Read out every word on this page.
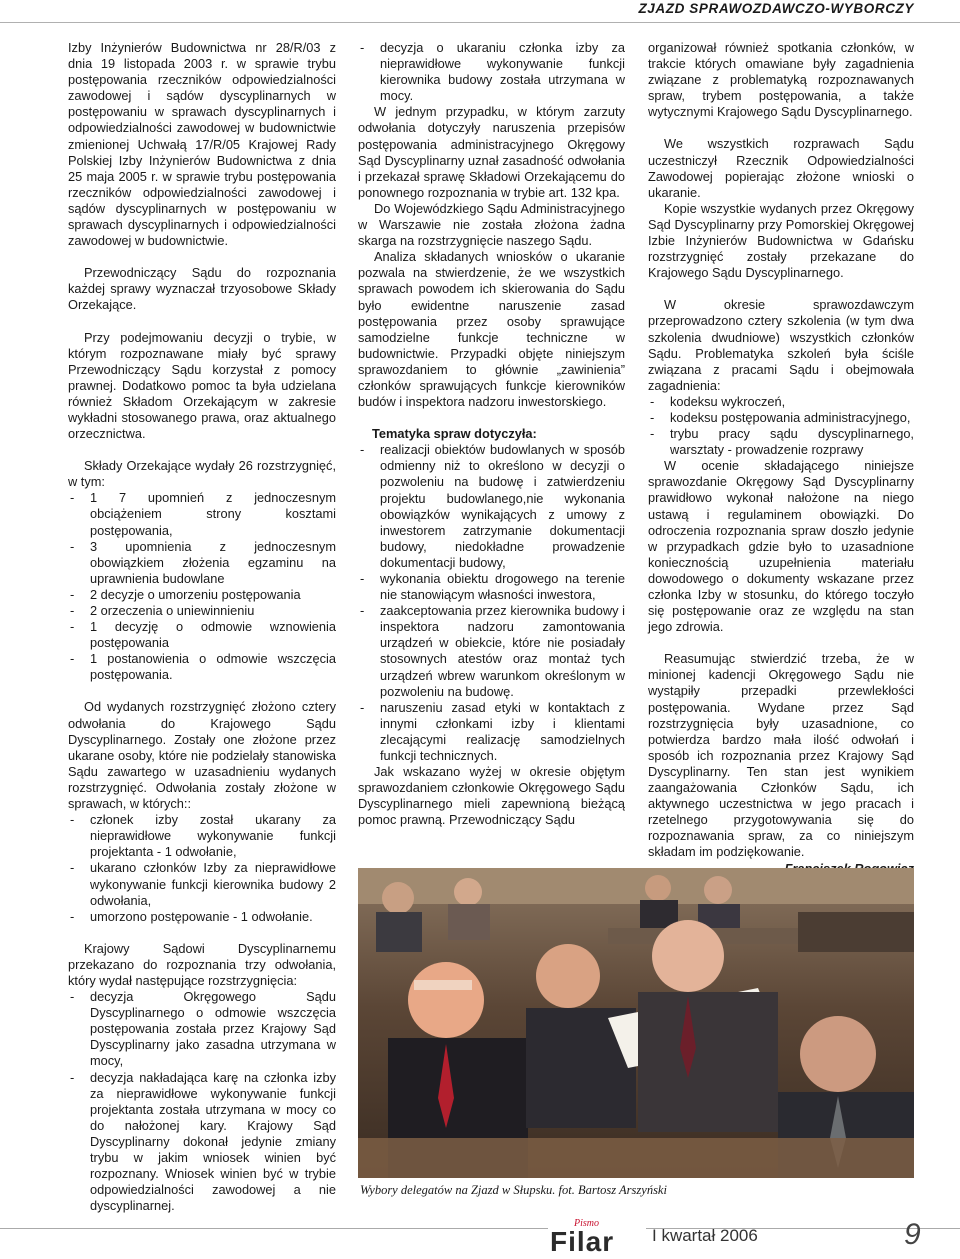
ZJAZD SPRAWOZDAWCZO-WYBORCZY

Izby Inżynierów Budownictwa nr 28/R/03 z dnia 19 listopada 2003 r. w sprawie trybu postępowania rzeczników odpowiedzialności zawodowej i sądów dyscyplinarnych w postępowaniu w sprawach dyscyplinarnych i odpowiedzialności zawodowej w budownictwie zmienionej Uchwałą 17/R/05 Krajowej Rady Polskiej Izby Inżynierów Budownictwa z dnia 25 maja 2005 r. w sprawie trybu postępowania rzeczników odpowiedzialności zawodowej i sądów dyscyplinarnych w postępowaniu w sprawach dyscyplinarnych i odpowiedzialności zawodowej w budownictwie.

Przewodniczący Sądu do rozpoznania każdej sprawy wyznaczał trzyosobowe Składy Orzekające.

Przy podejmowaniu decyzji o trybie, w którym rozpoznawane miały być sprawy Przewodniczący Sądu korzystał z pomocy prawnej. Dodatkowo pomoc ta była udzielana również Składom Orzekającym w zakresie wykładni stosowanego prawa, oraz aktualnego orzecznictwa.

Składy Orzekające wydały 26 rozstrzygnięć, w tym:

- 1 7 upomnień z jednoczesnym obciążeniem strony kosztami postępowania,
- 3 upomnienia z jednoczesnym obowiązkiem złożenia egzaminu na uprawnienia budowlane
- 2 decyzje o umorzeniu postępowania
- 2 orzeczenia o uniewinnieniu
- 1 decyzję o odmowie wznowienia postępowania
- 1 postanowienia o odmowie wszczęcia postępowania.

Od wydanych rozstrzygnięć złożono cztery odwołania do Krajowego Sądu Dyscyplinarnego. Zostały one złożone przez ukarane osoby, które nie podzielały stanowiska Sądu zawartego w uzasadnieniu wydanych rozstrzygnięć. Odwołania zostały złożone w sprawach, w których::

- członek izby został ukarany za nieprawidłowe wykonywanie funkcji projektanta - 1 odwołanie,
- ukarano członków Izby za nieprawidłowe wykonywanie funkcji kierownika budowy 2 odwołania,
- umorzono postępowanie - 1 odwołanie.

Krajowy Sądowi Dyscyplinarnemu przekazano do rozpoznania trzy odwołania, który wydał następujące rozstrzygnięcia:

- decyzja Okręgowego Sądu Dyscyplinarnego o odmowie wszczęcia postępowania została przez Krajowy Sąd Dyscyplinarny jako zasadna utrzymana w mocy,
- decyzja nakładająca karę na członka izby za nieprawidłowe wykonywanie funkcji projektanta została utrzymana w mocy co do nałożonej kary. Krajowy Sąd Dyscyplinarny dokonał jedynie zmiany trybu w jakim wniosek winien być rozpoznany. Wniosek winien być w trybie odpowiedzialności zawodowej a nie dyscyplinarnej.
- decyzja o ukaraniu członka izby za nieprawidłowe wykonywanie funkcji kierownika budowy została utrzymana w mocy.

W jednym przypadku, w którym zarzuty odwołania dotyczyły naruszenia przepisów postępowania administracyjnego Okręgowy Sąd Dyscyplinarny uznał zasadność odwołania i przekazał sprawę Składowi Orzekającemu do ponownego rozpoznania w trybie art. 132 kpa.

Do Wojewódzkiego Sądu Administracyjnego w Warszawie nie została złożona żadna skarga na rozstrzygnięcie naszego Sądu.

Analiza składanych wniosków o ukaranie pozwala na stwierdzenie, że we wszystkich sprawach powodem ich skierowania do Sądu było ewidentne naruszenie zasad postępowania przez osoby sprawujące samodzielne funkcje techniczne w budownictwie. Przypadki objęte niniejszym sprawozdaniem to głównie „zawinienia” członków sprawujących funkcje kierowników budów i inspektora nadzoru inwestorskiego.

Tematyka spraw dotyczyła:

- realizacji obiektów budowlanych w sposób odmienny niż to określono w decyzji o pozwoleniu na budowę i zatwierdzeniu projektu budowlanego,nie wykonania obowiązków wynikających z umowy z inwestorem zatrzymanie dokumentacji budowy, niedokładne prowadzenie dokumentacji budowy,
- wykonania obiektu drogowego na terenie nie stanowiącym własności inwestora,
- zaakceptowania przez kierownika budowy i inspektora nadzoru zamontowania urządzeń w obiekcie, które nie posiadały stosownych atestów oraz montaż tych urządzeń wbrew warunkom określonym w pozwoleniu na budowę.
- naruszeniu zasad etyki w kontaktach z innymi członkami izby i klientami zlecającymi realizację samodzielnych funkcji technicznych.

Jak wskazano wyżej w okresie objętym sprawozdaniem członkowie Okręgowego Sądu Dyscyplinarnego mieli zapewnioną bieżącą pomoc prawną. Przewodniczący Sądu

organizował również spotkania członków, w trakcie których omawiane były zagadnienia związane z problematyką rozpoznawanych spraw, trybem postępowania, a także wytycznymi Krajowego Sądu Dyscyplinarnego.

We wszystkich rozprawach Sądu uczestniczył Rzecznik Odpowiedzialności Zawodowej popierając złożone wnioski o ukaranie.

Kopie wszystkie wydanych przez Okręgowy Sąd Dyscyplinarny przy Pomorskiej Okręgowej Izbie Inżynierów Budownictwa w Gdańsku rozstrzygnięć zostały przekazane do Krajowego Sądu Dyscyplinarnego.

W okresie sprawozdawczym przeprowadzono cztery szkolenia (w tym dwa szkolenia dwudniowe) wszystkich członków Sądu. Problematyka szkoleń była ściśle związana z pracami Sądu i obejmowała zagadnienia:

- kodeksu wykroczeń,
- kodeksu postępowania administracyjnego,
- trybu pracy sądu dyscyplinarnego, warsztaty - prowadzenie rozprawy

W ocenie składającego niniejsze sprawozdanie Okręgowy Sąd Dyscyplinarny prawidłowo wykonał nałożone na niego ustawą i regulaminem obowiązki. Do odroczenia rozpoznania spraw doszło jedynie w przypadkach gdzie było to uzasadnione koniecznością uzupełnienia materiału dowodowego o dokumenty wskazane przez członka Izby w stosunku, do którego toczyło się postępowanie oraz ze względu na stan jego zdrowia.

Reasumując stwierdzić trzeba, że w minionej kadencji Okręgowego Sądu nie wystąpiły przepadki przewlekłości postępowania. Wydane przez Sąd rozstrzygnięcia były uzasadnione, co potwierdza bardzo mała ilość odwołań i sposób ich rozpoznania przez Krajowy Sąd Dyscyplinarny. Ten stan jest wynikiem zaangażowania Członków Sądu, ich aktywnego uczestnictwa w jego pracach i rzetelnego przygotowywania się do rozpoznawania spraw, za co niniejszym składam im podziękowanie.

Wybory delegatów na Zjazd w Słupsku. fot. Bartosz Arszyński
Pismo
Filar I kwartał 2006	9
